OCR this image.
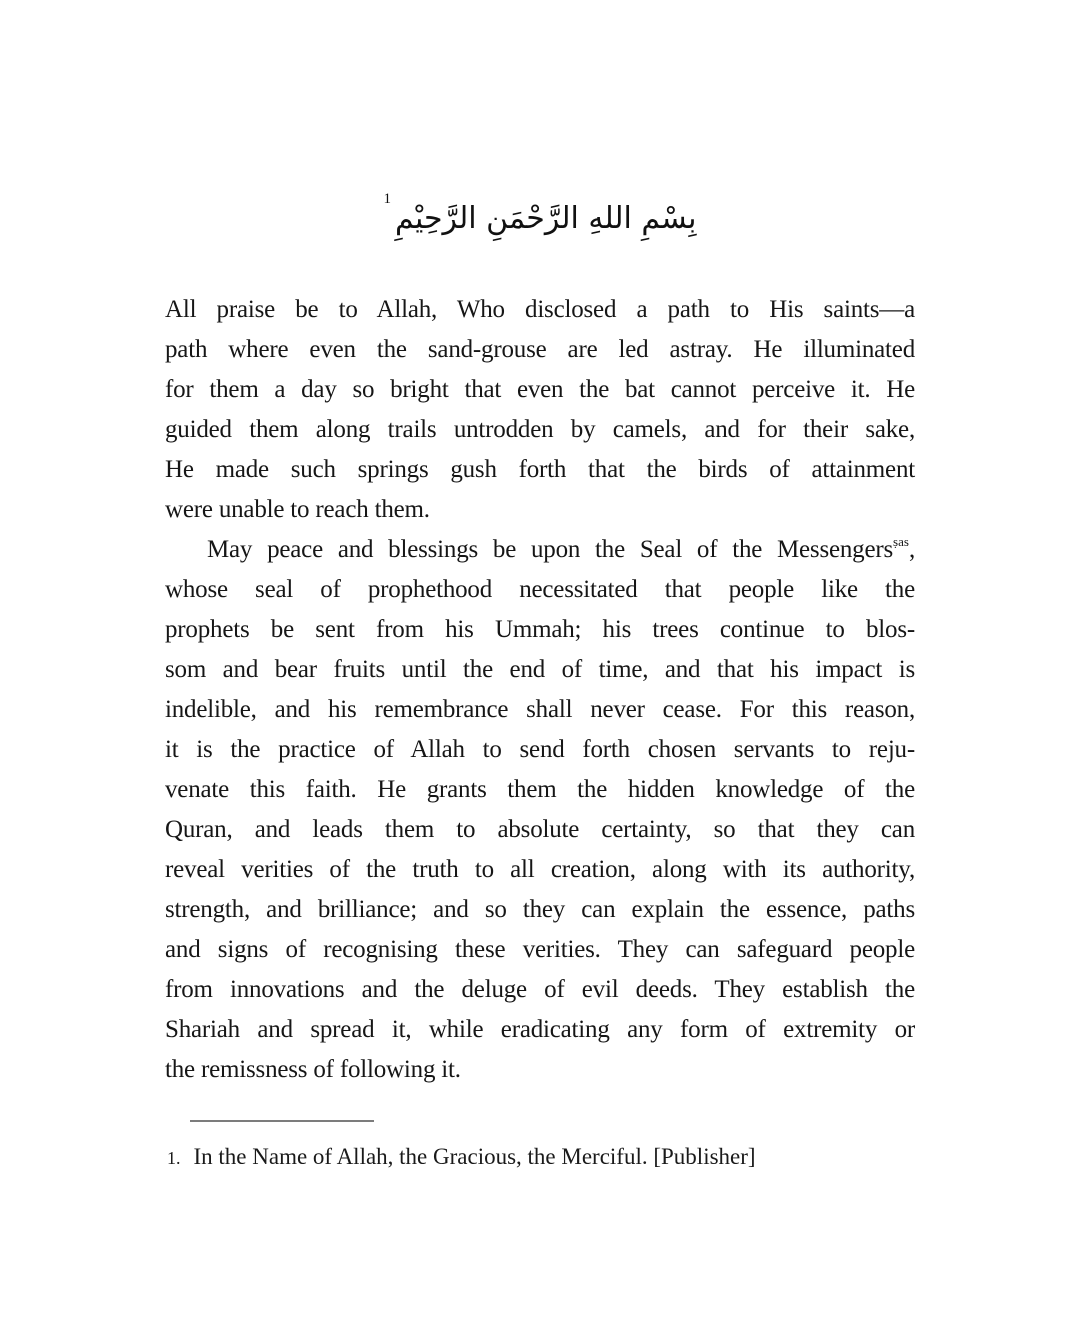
بِسْمِ اللهِ الرَّحْمَنِ الرَّحِيْمِ$^1$
All praise be to Allah, Who disclosed a path to His saints—a
path where even the sand-grouse are led astray. He illuminated
for them a day so bright that even the bat cannot perceive it. He
guided them along trails untrodden by camels, and for their sake,
He made such springs gush forth that the birds of attainment
were unable to reach them.
May peace and blessings be upon the Seal of the Messengers$^{ṣas}$,
whose seal of prophethood necessitated that people like the
prophets be sent from his Ummah; his trees continue to blos-
som and bear fruits until the end of time, and that his impact is
indelible, and his remembrance shall never cease. For this reason,
it is the practice of Allah to send forth chosen servants to reju-
venate this faith. He grants them the hidden knowledge of the
Quran, and leads them to absolute certainty, so that they can
reveal verities of the truth to all creation, along with its authority,
strength, and brilliance; and so they can explain the essence, paths
and signs of recognising these verities. They can safeguard people
from innovations and the deluge of evil deeds. They establish the
Shariah and spread it, while eradicating any form of extremity or
the remissness of following it.
1. In the Name of Allah, the Gracious, the Merciful. [Publisher]
